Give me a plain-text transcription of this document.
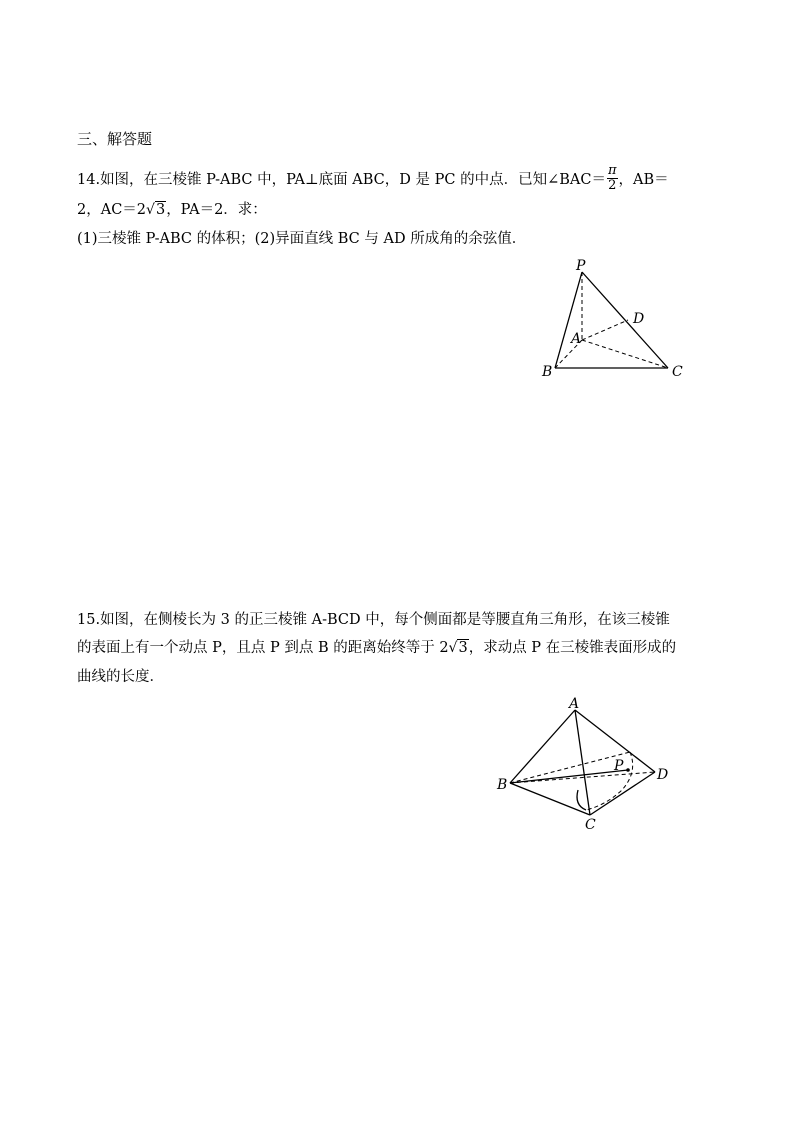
三、解答题
14.如图，在三棱锥 P-ABC 中，PA⊥底面 ABC，D 是 PC 的中点．已知∠BAC＝ $\frac{\pi}{2}$ ，AB＝
2，AC＝2√3，PA＝2．求：
(1)三棱锥 P-ABC 的体积；(2)异面直线 BC 与 AD 所成角的余弦值．
P
D
A
B	C
15.如图，在侧棱长为 3 的正三棱锥 A-BCD 中，每个侧面都是等腰直角三角形，在该三棱锥
的表面上有一个动点 P，且点 P 到点 B 的距离始终等于 2√3，求动点 P 在三棱锥表面形成的
曲线的长度．
A
B
C
D
P
